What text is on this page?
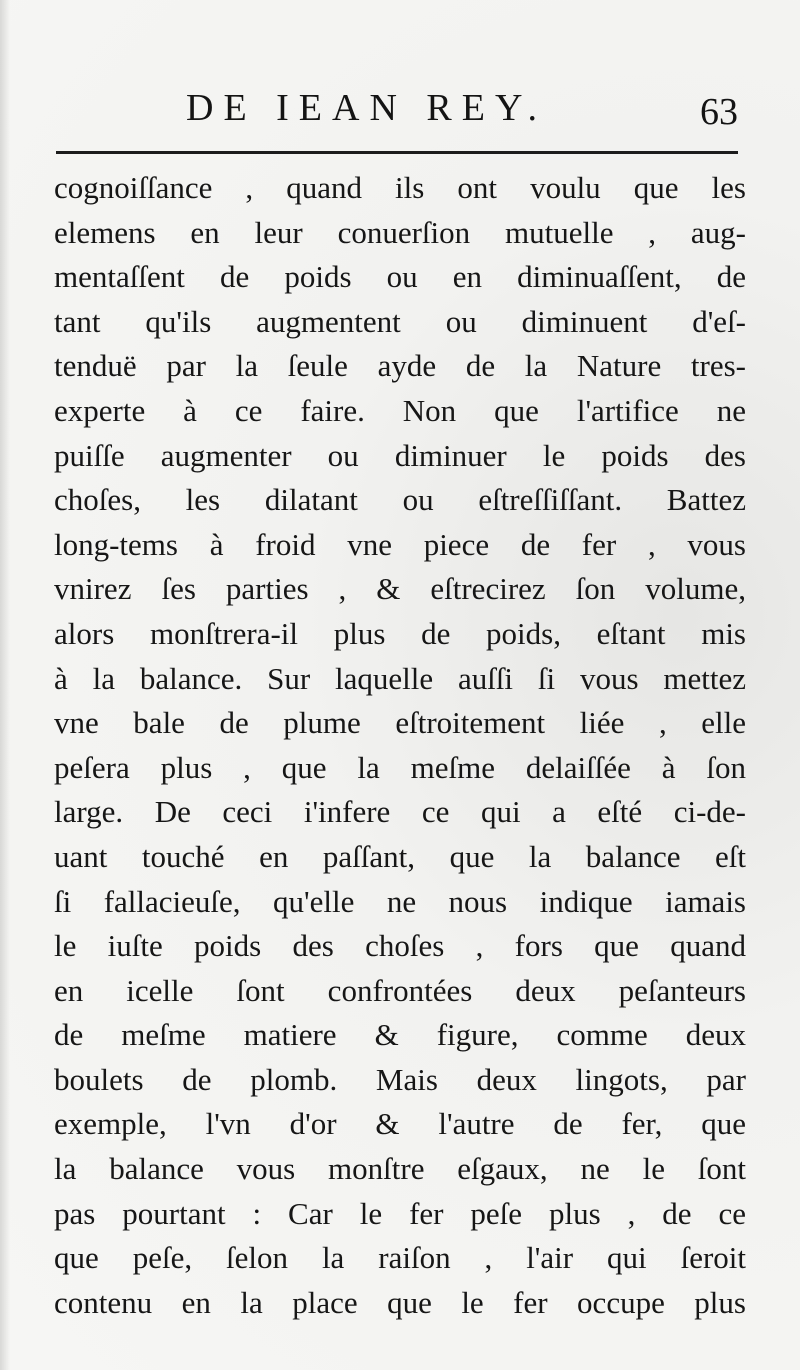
DE IEAN REY.	63
cognoiſſance , quand ils ont voulu que les
elemens en leur conuerſion mutuelle , aug-
mentaſſent de poids ou en diminuaſſent, de
tant qu'ils augmentent ou diminuent d'eſ-
tenduë par la ſeule ayde de la Nature tres-
experte à ce faire. Non que l'artifice ne
puiſſe augmenter ou diminuer le poids des
choſes, les dilatant ou eſtreſſiſſant. Battez
long-tems à froid vne piece de fer , vous
vnirez ſes parties , & eſtrecirez ſon volume,
alors monſtrera-il plus de poids, eſtant mis
à la balance. Sur laquelle auſſi ſi vous mettez
vne bale de plume eſtroitement liée , elle
peſera plus , que la meſme delaiſſée à ſon
large. De ceci i'infere ce qui a eſté ci-de-
uant touché en paſſant, que la balance eſt
ſi fallacieuſe, qu'elle ne nous indique iamais
le iuſte poids des choſes , fors que quand
en icelle ſont confrontées deux peſanteurs
de meſme matiere & figure, comme deux
boulets de plomb. Mais deux lingots, par
exemple, l'vn d'or & l'autre de fer, que
la balance vous monſtre eſgaux, ne le ſont
pas pourtant : Car le fer peſe plus , de ce
que peſe, ſelon la raiſon , l'air qui ſeroit
contenu en la place que le fer occupe plus
